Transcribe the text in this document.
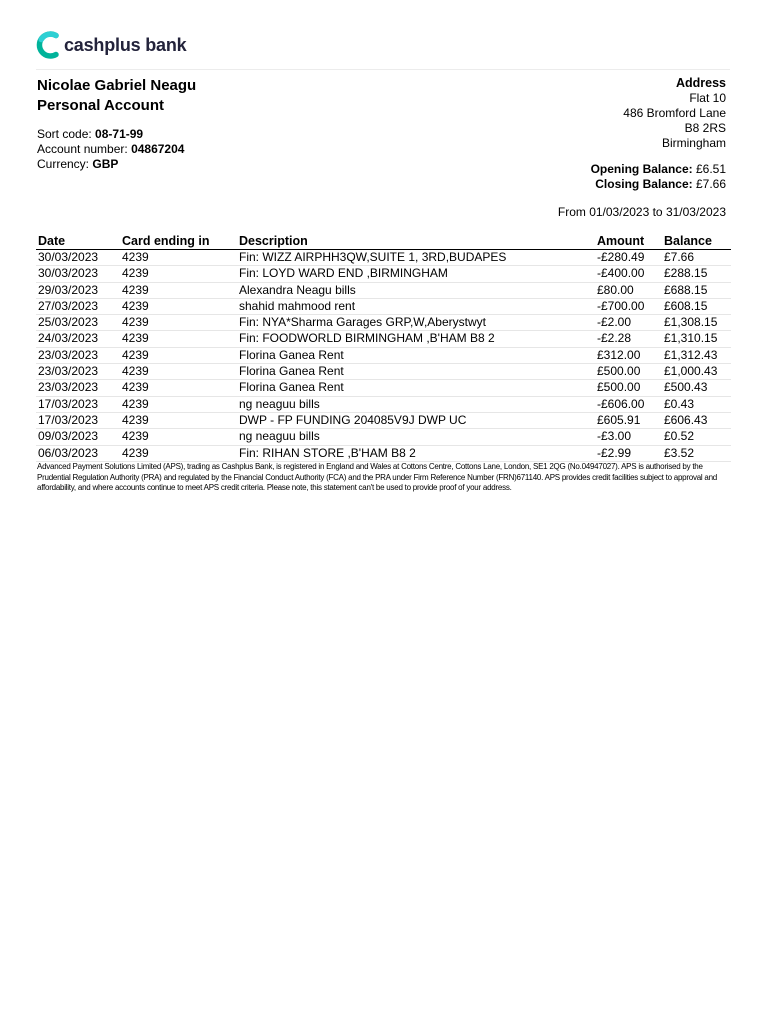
cashplus bank
Nicolae Gabriel Neagu
Personal Account
Sort code: 08-71-99
Account number: 04867204
Currency: GBP
Address
Flat 10
486 Bromford Lane
B8 2RS
Birmingham
Opening Balance: £6.51
Closing Balance: £7.66
From 01/03/2023 to 31/03/2023
Date	Card ending in	Description	Amount	Balance
30/03/2023	4239	Fin: WIZZ AIRPHH3QW,SUITE 1, 3RD,BUDAPES	-£280.49	£7.66
30/03/2023	4239	Fin: LOYD WARD END ,BIRMINGHAM	-£400.00	£288.15
29/03/2023	4239	Alexandra Neagu bills	£80.00	£688.15
27/03/2023	4239	shahid mahmood rent	-£700.00	£608.15
25/03/2023	4239	Fin: NYA*Sharma Garages GRP,W,Aberystwyt	-£2.00	£1,308.15
24/03/2023	4239	Fin: FOODWORLD BIRMINGHAM ,B'HAM B8 2	-£2.28	£1,310.15
23/03/2023	4239	Florina Ganea Rent	£312.00	£1,312.43
23/03/2023	4239	Florina Ganea Rent	£500.00	£1,000.43
23/03/2023	4239	Florina Ganea Rent	£500.00	£500.43
17/03/2023	4239	ng neaguu bills	-£606.00	£0.43
17/03/2023	4239	DWP - FP FUNDING 204085V9J DWP UC	£605.91	£606.43
09/03/2023	4239	ng neaguu bills	-£3.00	£0.52
06/03/2023	4239	Fin: RIHAN STORE ,B'HAM B8 2	-£2.99	£3.52
Advanced Payment Solutions Limited (APS), trading as Cashplus Bank, is registered in England and Wales at Cottons Centre, Cottons Lane, London, SE1 2QG (No.04947027). APS is authorised by the Prudential Regulation Authority (PRA) and regulated by the Financial Conduct Authority (FCA) and the PRA under Firm Reference Number (FRN)671140. APS provides credit facilities subject to approval and affordability, and where accounts continue to meet APS credit criteria. Please note, this statement can't be used to provide proof of your address.
